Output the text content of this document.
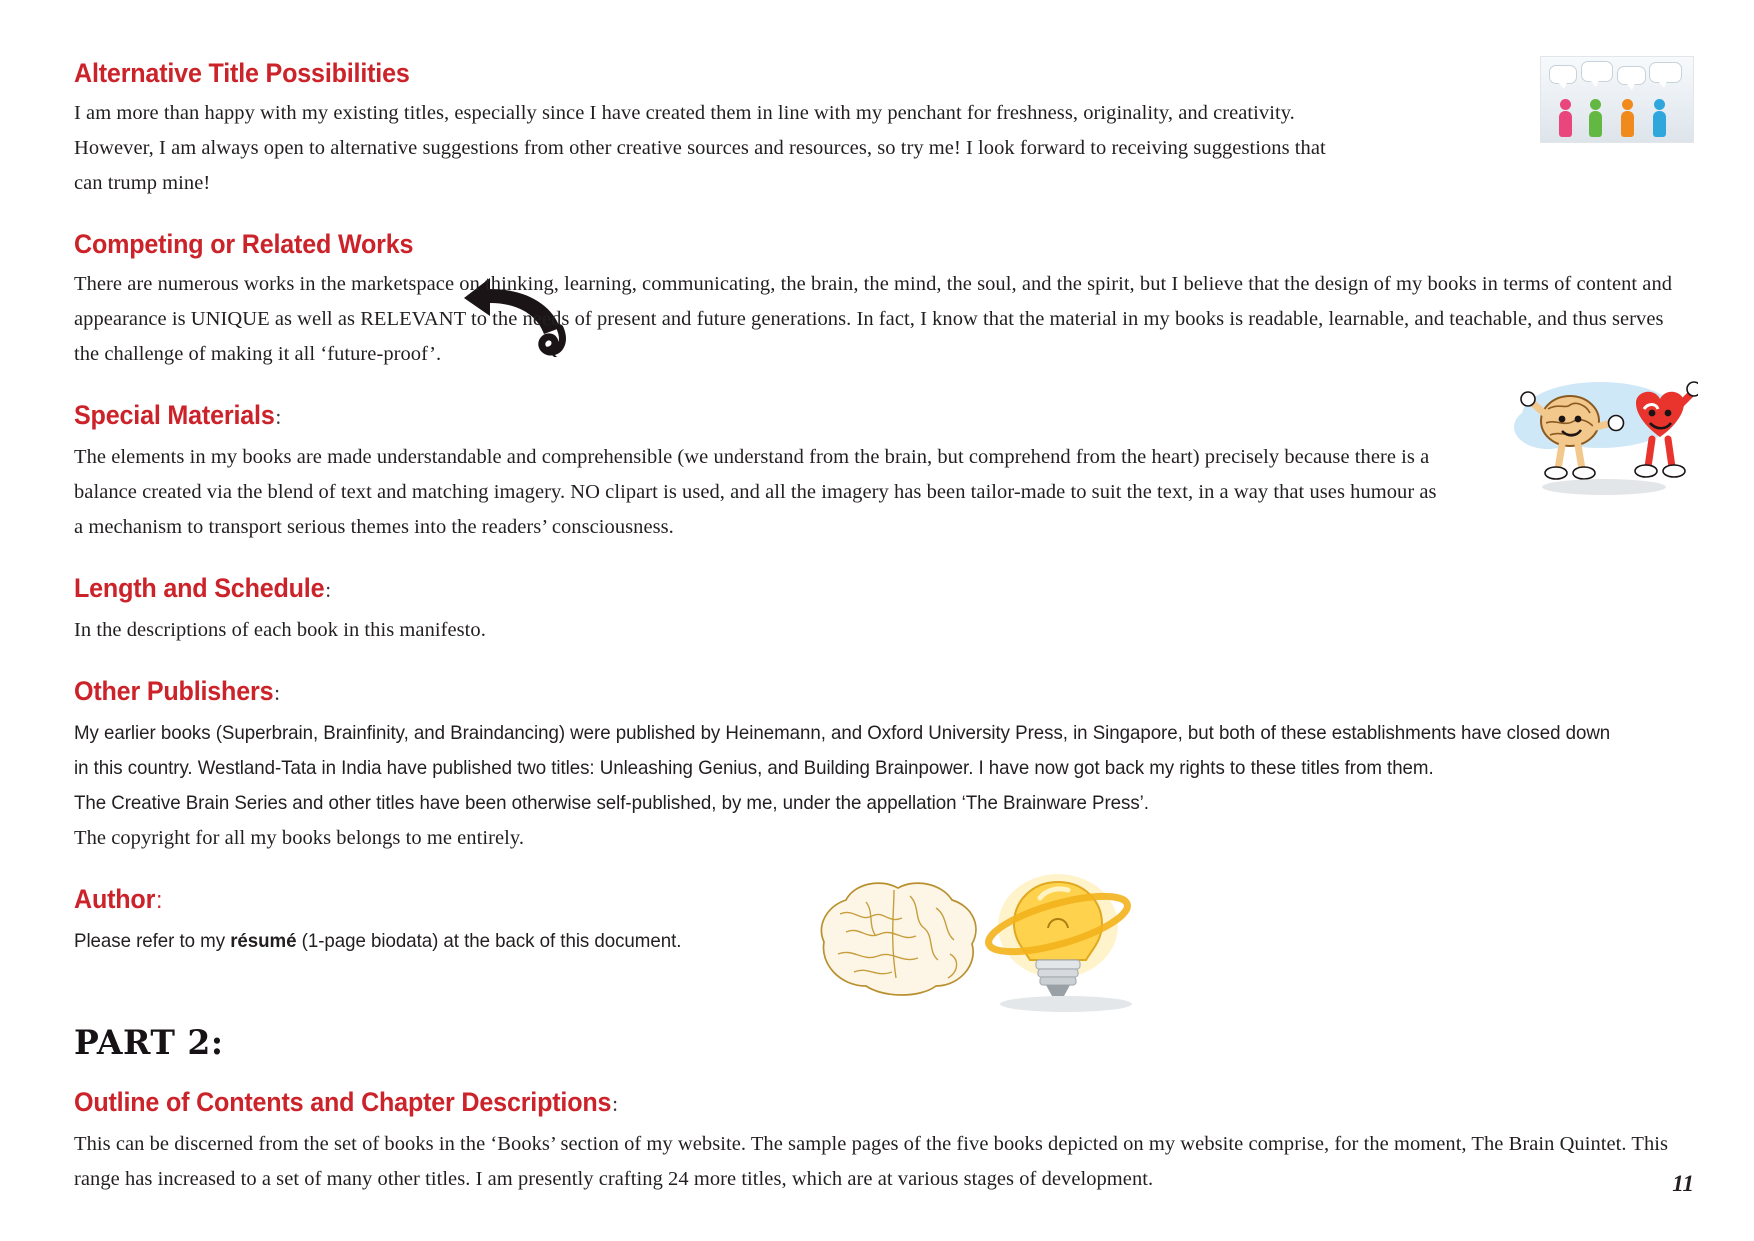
Alternative Title Possibilities

I am more than happy with my existing titles, especially since I have created them in line with my penchant for freshness, originality, and creativity. However, I am always open to alternative suggestions from other creative sources and resources, so try me! I look forward to receiving suggestions that can trump mine!

Competing or Related Works

There are numerous works in the marketspace on thinking, learning, communicating, the brain, the mind, the soul, and the spirit, but I believe that the design of my books in terms of content and appearance is UNIQUE as well as RELEVANT to the needs of present and future generations. In fact, I know that the material in my books is readable, learnable, and teachable, and thus serves the challenge of making it all ‘future-proof’.

Special Materials:

The elements in my books are made understandable and comprehensible (we understand from the brain, but comprehend from the heart) precisely because there is a balance created via the blend of text and matching imagery. NO clipart is used, and all the imagery has been tailor-made to suit the text, in a way that uses humour as a mechanism to transport serious themes into the readers’ consciousness.

Length and Schedule:

In the descriptions of each book in this manifesto.

Other Publishers:

My earlier books (Superbrain, Brainfinity, and Braindancing) were published by Heinemann, and Oxford University Press, in Singapore, but both of these establishments have closed down in this country. Westland-Tata in India have published two titles: Unleashing Genius, and Building Brainpower. I have now got back my rights to these titles from them.

The Creative Brain Series and other titles have been otherwise self-published, by me, under the appellation ‘The Brainware Press’.

The copyright for all my books belongs to me entirely.

Author:

Please refer to my résumé (1-page biodata) at the back of this document.

PART 2:
Outline of Contents and Chapter Descriptions:

This can be discerned from the set of books in the ‘Books’ section of my website. The sample pages of the five books depicted on my website comprise, for the moment, The Brain Quintet. This range has increased to a set of many other titles. I am presently crafting 24 more titles, which are at various stages of development.	11
